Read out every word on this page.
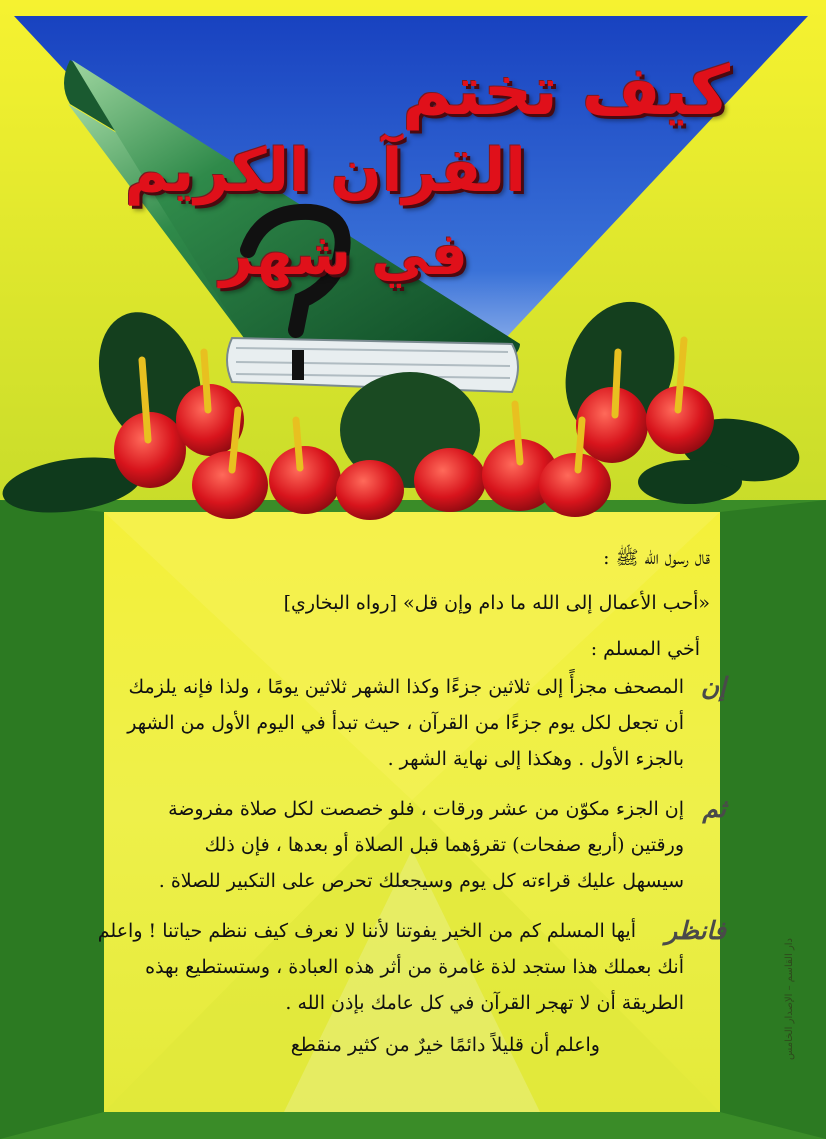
كيف تختم
القرآن الكريم
في شهر
قال رسول الله ﷺ :
«أحب الأعمال إلى الله ما دام وإن قل» [رواه البخاري]
أخي المسلم :
إن
المصحف مجزأً إلى ثلاثين جزءًا وكذا الشهر ثلاثين يومًا ، ولذا فإنه يلزمك
أن تجعل لكل يوم جزءًا من القرآن ، حيث تبدأ في اليوم الأول من الشهر
بالجزء الأول . وهكذا إلى نهاية الشهر .
ثم
إن الجزء مكوّن من عشر ورقات ، فلو خصصت لكل صلاة مفروضة
ورقتين (أربع صفحات) تقرؤهما قبل الصلاة أو بعدها ، فإن ذلك
سيسهل عليك قراءته كل يوم وسيجعلك تحرص على التكبير للصلاة .
فانظر
أيها المسلم كم من الخير يفوتنا لأننا لا نعرف كيف ننظم حياتنا ! واعلم
أنك بعملك هذا ستجد لذة غامرة من أثر هذه العبادة ، وستستطيع بهذه
الطريقة أن لا تهجر القرآن في كل عامك بإذن الله .
واعلم أن قليلاً دائمًا خيرٌ من كثير منقطع	دار القاسم – الإصدار الخامس
